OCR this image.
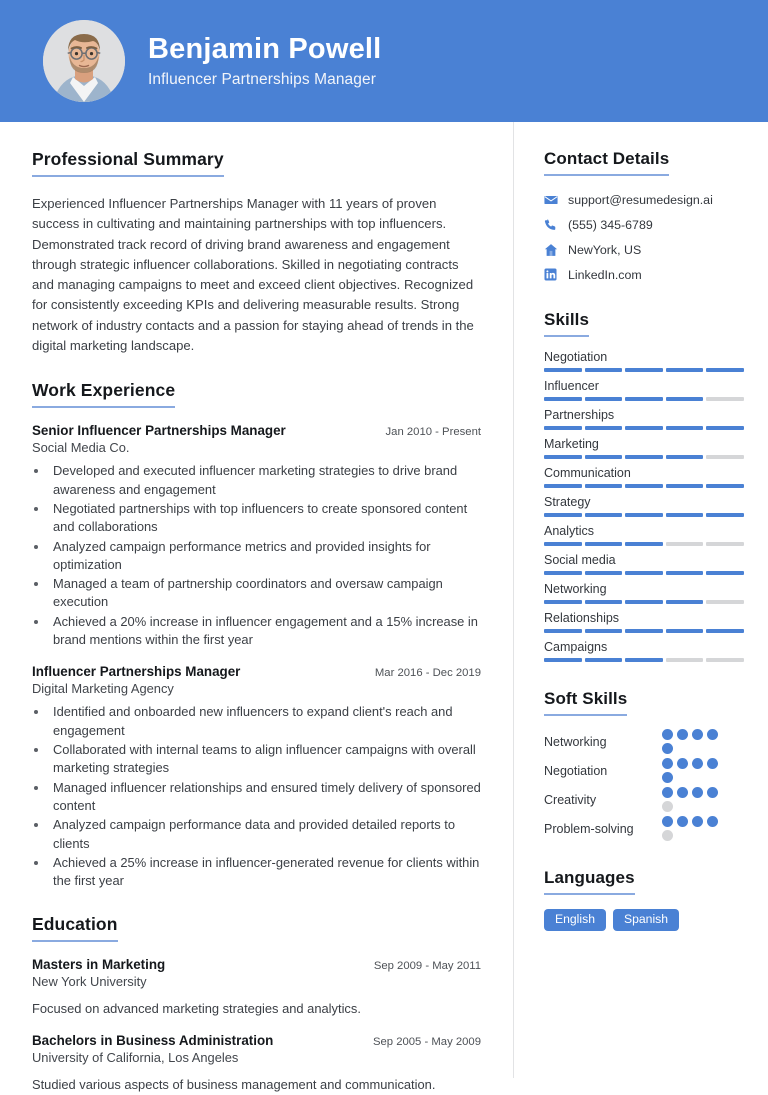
Benjamin Powell
Influencer Partnerships Manager
Professional Summary

Experienced Influencer Partnerships Manager with 11 years of proven success in cultivating and maintaining partnerships with top influencers. Demonstrated track record of driving brand awareness and engagement through strategic influencer collaborations. Skilled in negotiating contracts and managing campaigns to meet and exceed client objectives. Recognized for consistently exceeding KPIs and delivering measurable results. Strong network of industry contacts and a passion for staying ahead of trends in the digital marketing landscape.

Work Experience
Senior Influencer Partnerships Manager	Jan 2010 - Present
Social Media Co.
• Developed and executed influencer marketing strategies to drive brand awareness and engagement
• Negotiated partnerships with top influencers to create sponsored content and collaborations
• Analyzed campaign performance metrics and provided insights for optimization
• Managed a team of partnership coordinators and oversaw campaign execution
• Achieved a 20% increase in influencer engagement and a 15% increase in brand mentions within the first year
Influencer Partnerships Manager	Mar 2016 - Dec 2019
Digital Marketing Agency
• Identified and onboarded new influencers to expand client's reach and engagement
• Collaborated with internal teams to align influencer campaigns with overall marketing strategies
• Managed influencer relationships and ensured timely delivery of sponsored content
• Analyzed campaign performance data and provided detailed reports to clients
• Achieved a 25% increase in influencer-generated revenue for clients within the first year
Education
Masters in Marketing	Sep 2009 - May 2011
New York University
Focused on advanced marketing strategies and analytics.
Bachelors in Business Administration	Sep 2005 - May 2009
University of California, Los Angeles
Studied various aspects of business management and communication.
Contact Details
support@resumedesign.ai
(555) 345-6789
NewYork, US
LinkedIn.com
Skills
Negotiation
Influencer
Partnerships
Marketing
Communication
Strategy
Analytics
Social media
Networking
Relationships
Campaigns
Soft Skills
Networking
Negotiation
Creativity
Problem-solving
Languages
English	Spanish
